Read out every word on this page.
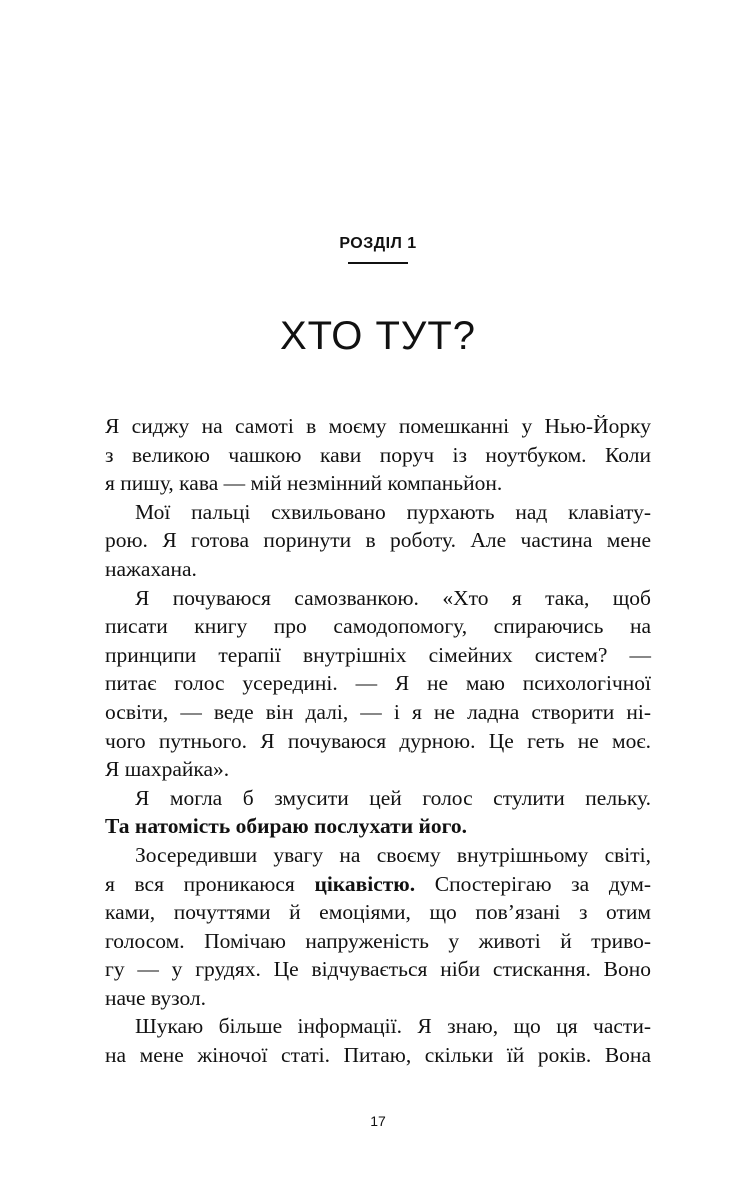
РОЗДІЛ 1
ХТО ТУТ?
Я сиджу на самоті в моєму помешканні у Нью-Йорку
з великою чашкою кави поруч із ноутбуком. Коли
я пишу, кава — мій незмінний компаньйон.
Мої пальці схвильовано пурхають над клавіату-
рою. Я готова поринути в роботу. Але частина мене
нажахана.
Я почуваюся самозванкою. «Хто я така, щоб
писати книгу про самодопомогу, спираючись на
принципи терапії внутрішніх сімейних систем? —
питає голос усередині. — Я не маю психологічної
освіти, — веде він далі, — і я не ладна створити ні-
чого путнього. Я почуваюся дурною. Це геть не моє.
Я шахрайка».
Я могла б змусити цей голос стулити пельку.
Та натомість обираю послухати його.
Зосередивши увагу на своєму внутрішньому світі,
я вся проникаюся цікавістю. Спостерігаю за дум-
ками, почуттями й емоціями, що пов’язані з отим
голосом. Помічаю напруженість у животі й триво-
гу — у грудях. Це відчувається ніби стискання. Воно
наче вузол.
Шукаю більше інформації. Я знаю, що ця части-
на мене жіночої статі. Питаю, скільки їй років. Вона
17
